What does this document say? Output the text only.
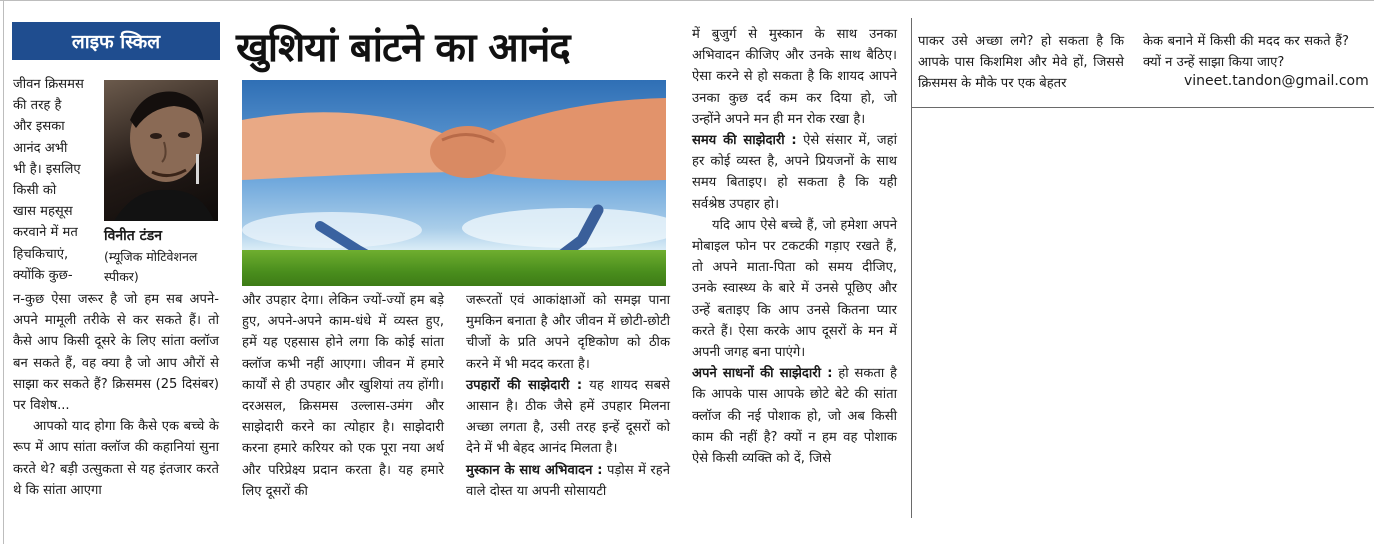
लाइफ स्किल	खुशियां बांटने का आनंद

जीवन क्रिसमस

की तरह है

और इसका

आनंद अभी

भी है। इसलिए

किसी को

खास महसूस

करवाने में मत

हिचकिचाएं,

क्योंकि कुछ-

विनीत टंडन
(म्यूजिक मोटिवेशनल स्पीकर)

न-कुछ ऐसा जरूर है जो हम सब अपने-अपने मामूली तरीके से कर सकते हैं। तो कैसे आप किसी दूसरे के लिए सांता क्लॉज बन सकते हैं, वह क्या है जो आप औरों से साझा कर सकते हैं? क्रिसमस (25 दिसंबर) पर विशेष...

आपको याद होगा कि कैसे एक बच्चे के रूप में आप सांता क्लॉज की कहानियां सुना करते थे? बड़ी उत्सुकता से यह इंतजार करते थे कि सांता आएगा

और उपहार देगा। लेकिन ज्यों-ज्यों हम बड़े हुए, अपने-अपने काम-धंधे में व्यस्त हुए, हमें यह एहसास होने लगा कि कोई सांता क्लॉज कभी नहीं आएगा। जीवन में हमारे कार्यों से ही उपहार और खुशियां तय होंगी। दरअसल, क्रिसमस उल्लास-उमंग और साझेदारी करने का त्योहार है। साझेदारी करना हमारे करियर को एक पूरा नया अर्थ और परिप्रेक्ष्य प्रदान करता है। यह हमारे लिए दूसरों की

जरूरतों एवं आकांक्षाओं को समझ पाना मुमकिन बनाता है और जीवन में छोटी-छोटी चीजों के प्रति अपने दृष्टिकोण को ठीक करने में भी मदद करता है।

उपहारों की साझेदारी : यह शायद सबसे आसान है। ठीक जैसे हमें उपहार मिलना अच्छा लगता है, उसी तरह इन्हें दूसरों को देने में भी बेहद आनंद मिलता है।

मुस्कान के साथ अभिवादन : पड़ोस में रहने वाले दोस्त या अपनी सोसायटी

में बुजुर्ग से मुस्कान के साथ उनका अभिवादन कीजिए और उनके साथ बैठिए। ऐसा करने से हो सकता है कि शायद आपने उनका कुछ दर्द कम कर दिया हो, जो उन्होंने अपने मन ही मन रोक रखा है।

समय की साझेदारी : ऐसे संसार में, जहां हर कोई व्यस्त है, अपने प्रियजनों के साथ समय बिताइए। हो सकता है कि यही सर्वश्रेष्ठ उपहार हो।

यदि आप ऐसे बच्चे हैं, जो हमेशा अपने मोबाइल फोन पर टकटकी गड़ाए रखते हैं, तो अपने माता-पिता को समय दीजिए, उनके स्वास्थ्य के बारे में उनसे पूछिए और उन्हें बताइए कि आप उनसे कितना प्यार करते हैं। ऐसा करके आप दूसरों के मन में अपनी जगह बना पाएंगे।

अपने साधनों की साझेदारी : हो सकता है कि आपके पास आपके छोटे बेटे की सांता क्लॉज की नई पोशाक हो, जो अब किसी काम की नहीं है? क्यों न हम वह पोशाक ऐसे किसी व्यक्ति को दें, जिसे

पाकर उसे अच्छा लगे? हो सकता है कि आपके पास किशमिश और मेवे हों, जिससे क्रिसमस के मौके पर एक बेहतर
केक बनाने में किसी की मदद कर सकते हैं? क्यों न उन्हें साझा किया जाए?
vineet.tandon@gmail.com
